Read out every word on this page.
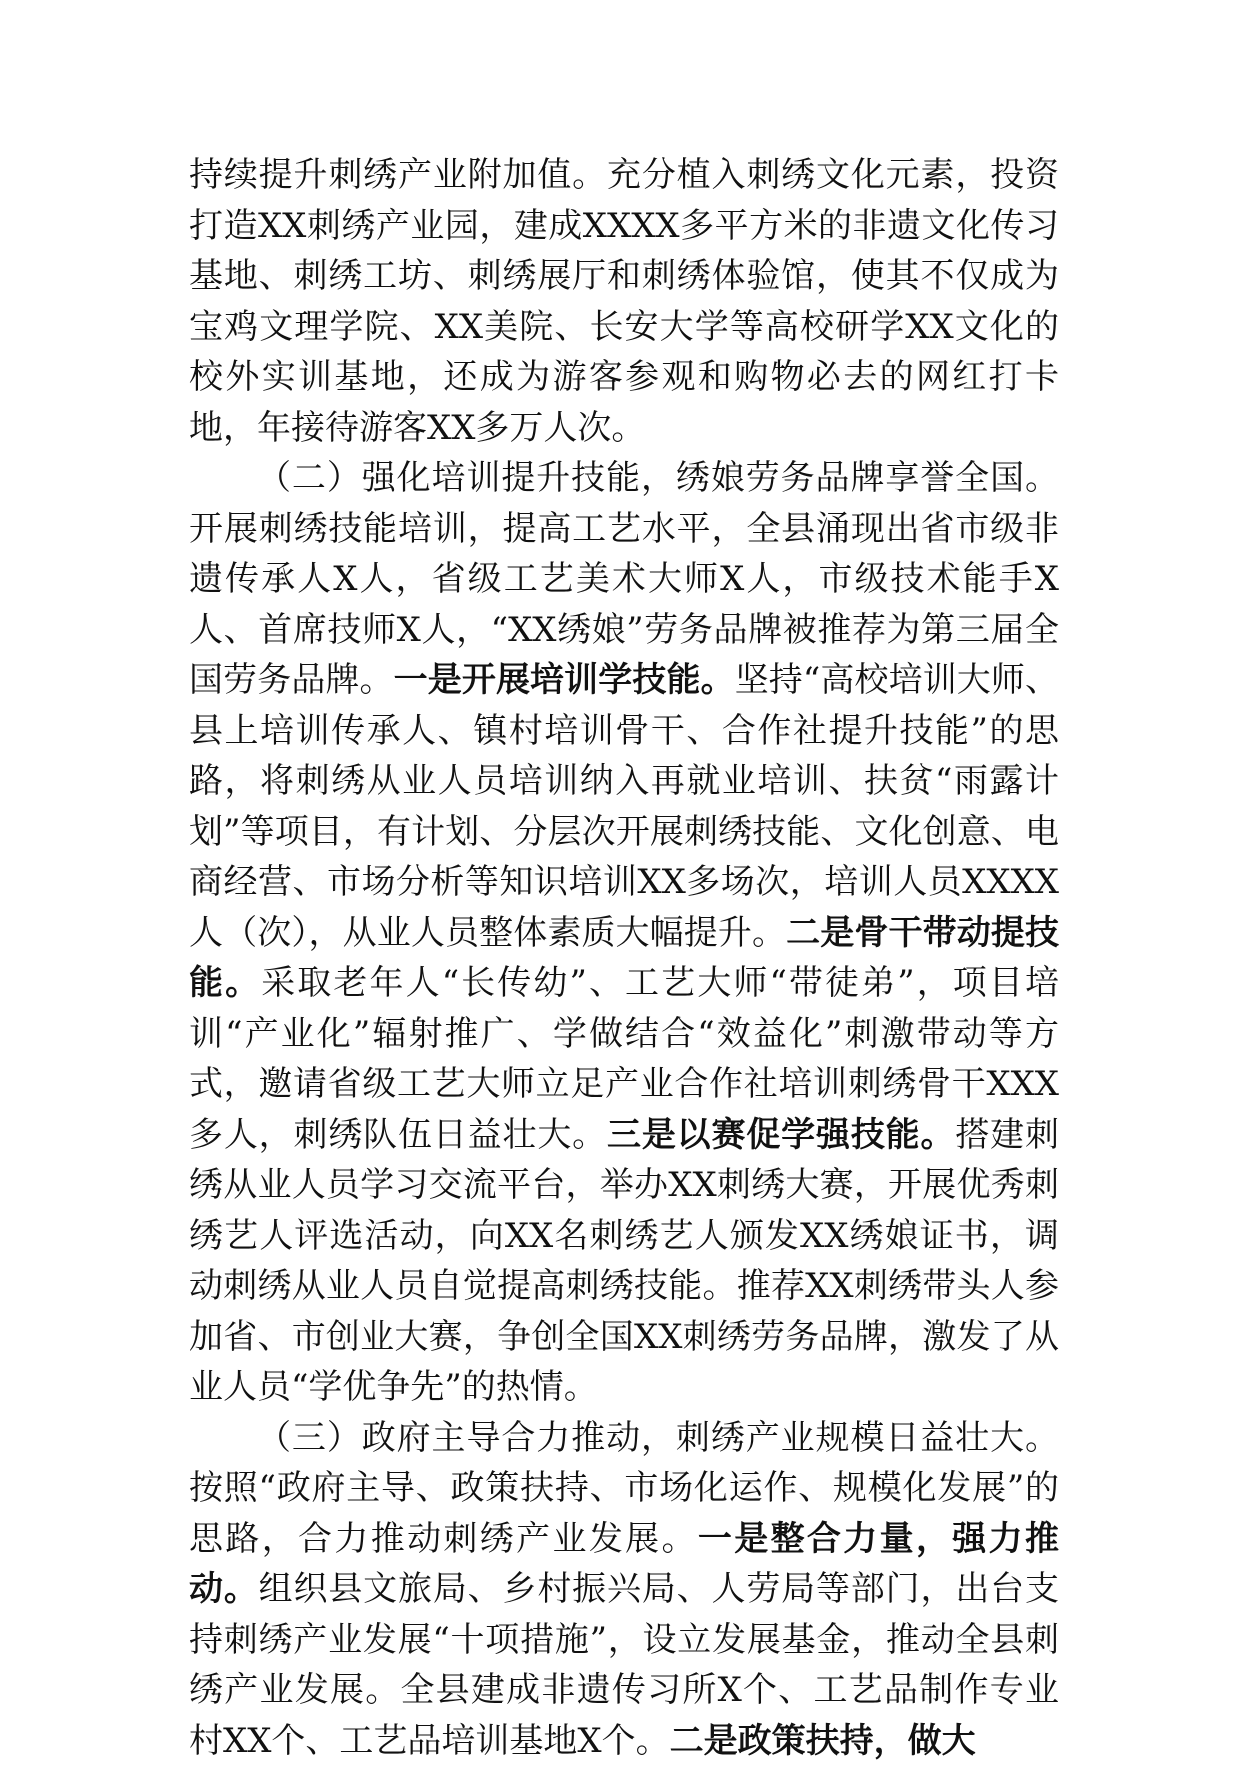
持续提升刺绣产业附加值。充分植入刺绣文化元素，投资打造XX刺绣产业园，建成XXXX多平方米的非遗文化传习基地、刺绣工坊、刺绣展厅和刺绣体验馆，使其不仅成为宝鸡文理学院、XX美院、长安大学等高校研学XX文化的校外实训基地，还成为游客参观和购物必去的网红打卡地，年接待游客XX多万人次。

（二）强化培训提升技能，绣娘劳务品牌享誉全国。开展刺绣技能培训，提高工艺水平，全县涌现出省市级非遗传承人X人，省级工艺美术大师X人，市级技术能手X人、首席技师X人，“XX绣娘”劳务品牌被推荐为第三届全国劳务品牌。一是开展培训学技能。坚持“高校培训大师、县上培训传承人、镇村培训骨干、合作社提升技能”的思路，将刺绣从业人员培训纳入再就业培训、扶贫“雨露计划”等项目，有计划、分层次开展刺绣技能、文化创意、电商经营、市场分析等知识培训XX多场次，培训人员XXXX人（次），从业人员整体素质大幅提升。二是骨干带动提技能。采取老年人“长传幼”、工艺大师“带徒弟”，项目培训“产业化”辐射推广、学做结合“效益化”刺激带动等方式，邀请省级工艺大师立足产业合作社培训刺绣骨干XXX多人，刺绣队伍日益壮大。三是以赛促学强技能。搭建刺绣从业人员学习交流平台，举办XX刺绣大赛，开展优秀刺绣艺人评选活动，向XX名刺绣艺人颁发XX绣娘证书，调动刺绣从业人员自觉提高刺绣技能。推荐XX刺绣带头人参加省、市创业大赛，争创全国XX刺绣劳务品牌，激发了从业人员“学优争先”的热情。

（三）政府主导合力推动，刺绣产业规模日益壮大。按照“政府主导、政策扶持、市场化运作、规模化发展”的思路，合力推动刺绣产业发展。一是整合力量，强力推动。组织县文旅局、乡村振兴局、人劳局等部门，出台支持刺绣产业发展“十项措施”，设立发展基金，推动全县刺绣产业发展。全县建成非遗传习所X个、工艺品制作专业村XX个、工艺品培训基地X个。二是政策扶持，做大
